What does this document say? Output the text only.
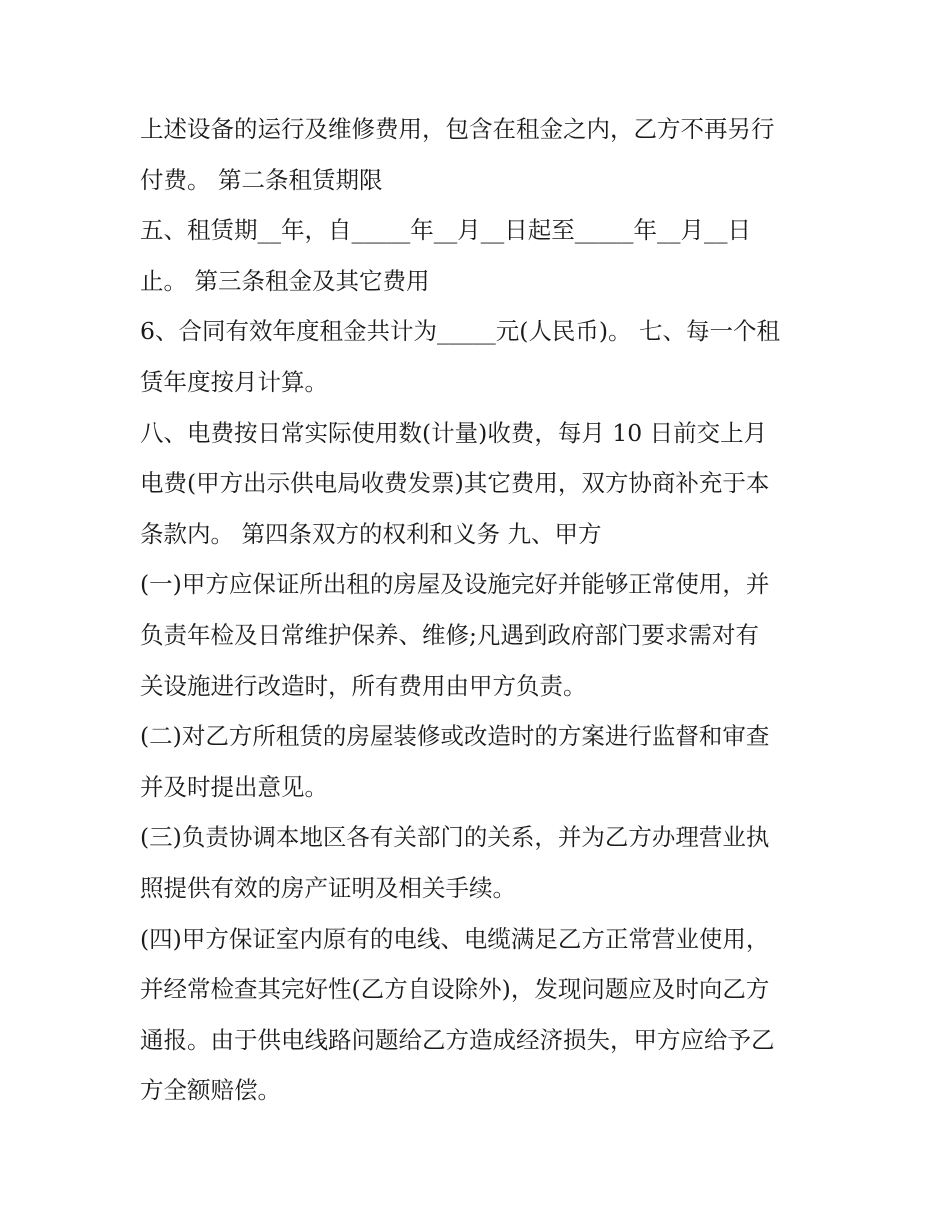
上述设备的运行及维修费用，包含在租金之内，乙方不再另行
付费。 第二条租赁期限
五、租赁期__年，自_____年__月__日起至_____年__月__日
止。 第三条租金及其它费用
6、合同有效年度租金共计为_____元(人民币)。 七、每一个租
赁年度按月计算。
八、电费按日常实际使用数(计量)收费，每月 10 日前交上月
电费(甲方出示供电局收费发票)其它费用，双方协商补充于本
条款内。 第四条双方的权利和义务 九、甲方
(一)甲方应保证所出租的房屋及设施完好并能够正常使用，并
负责年检及日常维护保养、维修;凡遇到政府部门要求需对有
关设施进行改造时，所有费用由甲方负责。
(二)对乙方所租赁的房屋装修或改造时的方案进行监督和审查
并及时提出意见。
(三)负责协调本地区各有关部门的关系，并为乙方办理营业执
照提供有效的房产证明及相关手续。
(四)甲方保证室内原有的电线、电缆满足乙方正常营业使用，
并经常检查其完好性(乙方自设除外)，发现问题应及时向乙方
通报。由于供电线路问题给乙方造成经济损失，甲方应给予乙
方全额赔偿。
